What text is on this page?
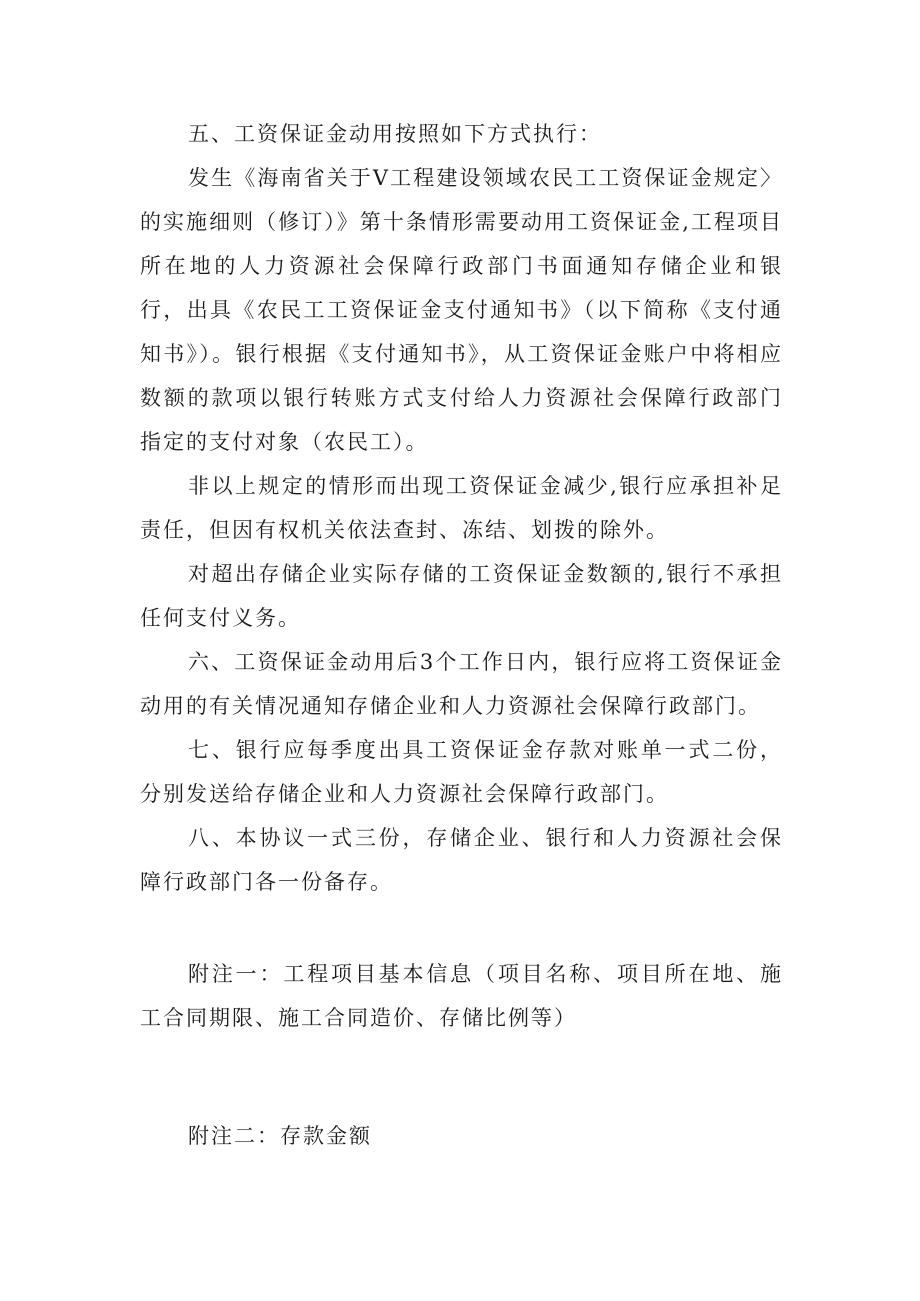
五、工资保证金动用按照如下方式执行：

发生《海南省关于Ⅴ工程建设领域农民工工资保证金规定〉的实施细则（修订）》第十条情形需要动用工资保证金,工程项目所在地的人力资源社会保障行政部门书面通知存储企业和银行，出具《农民工工资保证金支付通知书》（以下简称《支付通知书》）。银行根据《支付通知书》，从工资保证金账户中将相应数额的款项以银行转账方式支付给人力资源社会保障行政部门指定的支付对象（农民工）。

非以上规定的情形而出现工资保证金减少,银行应承担补足责任，但因有权机关依法查封、冻结、划拨的除外。

对超出存储企业实际存储的工资保证金数额的,银行不承担任何支付义务。

六、工资保证金动用后3个工作日内，银行应将工资保证金动用的有关情况通知存储企业和人力资源社会保障行政部门。

七、银行应每季度出具工资保证金存款对账单一式二份，分别发送给存储企业和人力资源社会保障行政部门。

八、本协议一式三份，存储企业、银行和人力资源社会保障行政部门各一份备存。

附注一：工程项目基本信息（项目名称、项目所在地、施工合同期限、施工合同造价、存储比例等）

附注二：存款金额
